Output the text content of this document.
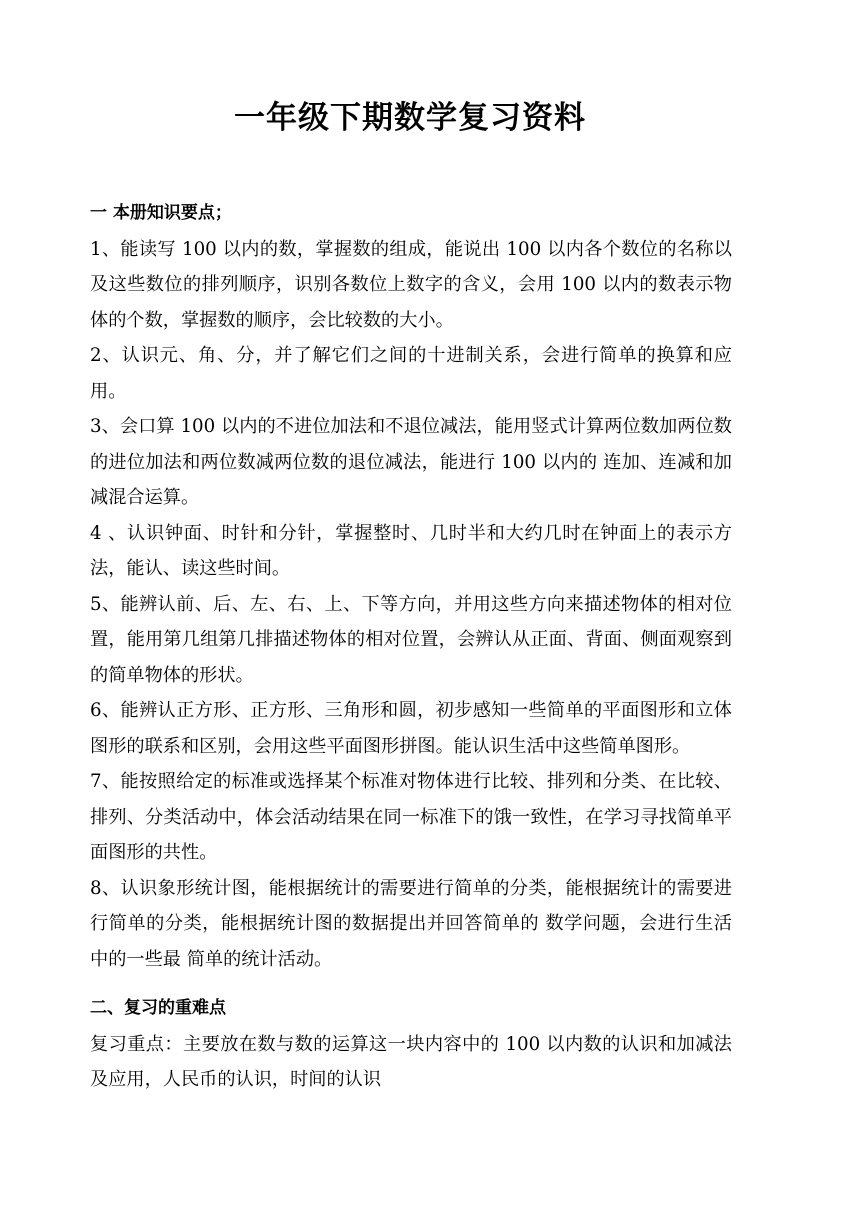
一年级下期数学复习资料
一 本册知识要点；

1、能读写 100 以内的数，掌握数的组成，能说出 100 以内各个数位的名称以及这些数位的排列顺序，识别各数位上数字的含义，会用 100 以内的数表示物体的个数，掌握数的顺序，会比较数的大小。

2、认识元、角、分，并了解它们之间的十进制关系，会进行简单的换算和应用。

3、会口算 100 以内的不进位加法和不退位减法，能用竖式计算两位数加两位数的进位加法和两位数减两位数的退位减法，能进行 100 以内的 连加、连减和加减混合运算。

4 、认识钟面、时针和分针，掌握整时、几时半和大约几时在钟面上的表示方法，能认、读这些时间。

5、能辨认前、后、左、右、上、下等方向，并用这些方向来描述物体的相对位置，能用第几组第几排描述物体的相对位置，会辨认从正面、背面、侧面观察到的简单物体的形状。

6、能辨认正方形、正方形、三角形和圆，初步感知一些简单的平面图形和立体图形的联系和区别，会用这些平面图形拼图。能认识生活中这些简单图形。

7、能按照给定的标准或选择某个标准对物体进行比较、排列和分类、在比较、排列、分类活动中，体会活动结果在同一标准下的饿一致性，在学习寻找简单平面图形的共性。

8、认识象形统计图，能根据统计的需要进行简单的分类，能根据统计的需要进行简单的分类，能根据统计图的数据提出并回答简单的 数学问题，会进行生活中的一些最 简单的统计活动。

二、复习的重难点

复习重点：主要放在数与数的运算这一块内容中的 100 以内数的认识和加减法及应用，人民币的认识，时间的认识
